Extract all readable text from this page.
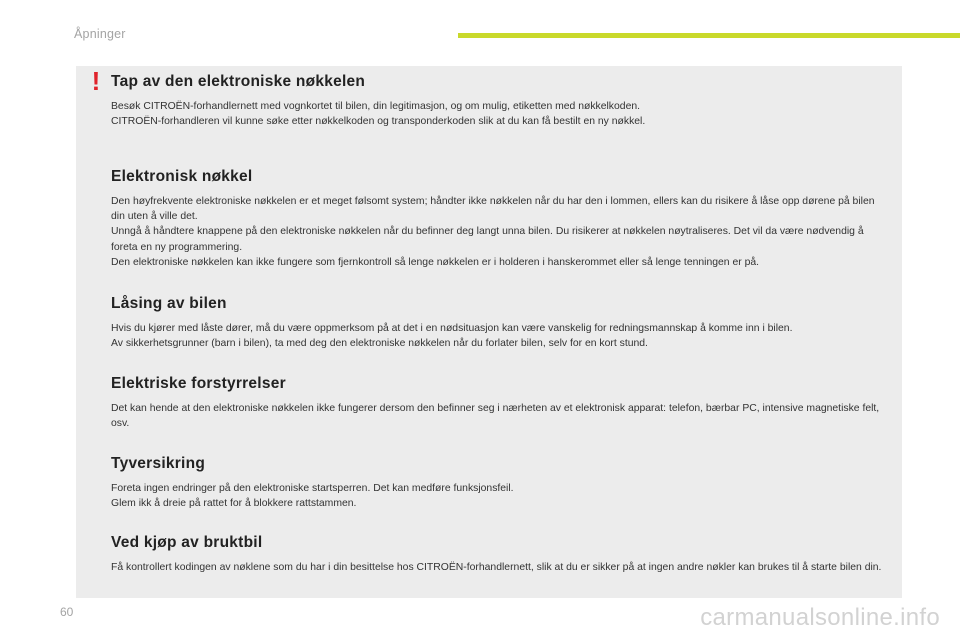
Åpninger
! Tap av den elektroniske nøkkelen

Besøk CITROËN-forhandlernett med vognkortet til bilen, din legitimasjon, og om mulig, etiketten med nøkkelkoden.

CITROËN-forhandleren vil kunne søke etter nøkkelkoden og transponderkoden slik at du kan få bestilt en ny nøkkel.

Elektronisk nøkkel

Den høyfrekvente elektroniske nøkkelen er et meget følsomt system; håndter ikke nøkkelen når du har den i lommen, ellers kan du risikere å låse opp dørene på bilen din uten å ville det.

Unngå å håndtere knappene på den elektroniske nøkkelen når du befinner deg langt unna bilen. Du risikerer at nøkkelen nøytraliseres. Det vil da være nødvendig å foreta en ny programmering.

Den elektroniske nøkkelen kan ikke fungere som fjernkontroll så lenge nøkkelen er i holderen i hanskerommet eller så lenge tenningen er på.

Låsing av bilen

Hvis du kjører med låste dører, må du være oppmerksom på at det i en nødsituasjon kan være vanskelig for redningsmannskap å komme inn i bilen.

Av sikkerhetsgrunner (barn i bilen), ta med deg den elektroniske nøkkelen når du forlater bilen, selv for en kort stund.

Elektriske forstyrrelser

Det kan hende at den elektroniske nøkkelen ikke fungerer dersom den befinner seg i nærheten av et elektronisk apparat: telefon, bærbar PC, intensive magnetiske felt, osv.

Tyversikring

Foreta ingen endringer på den elektroniske startsperren. Det kan medføre funksjonsfeil.

Glem ikk å dreie på rattet for å blokkere rattstammen.

Ved kjøp av bruktbil

Få kontrollert kodingen av nøklene som du har i din besittelse hos CITROËN-forhandlernett, slik at du er sikker på at ingen andre nøkler kan brukes til å starte bilen din.

60	carmanualsonline.info
